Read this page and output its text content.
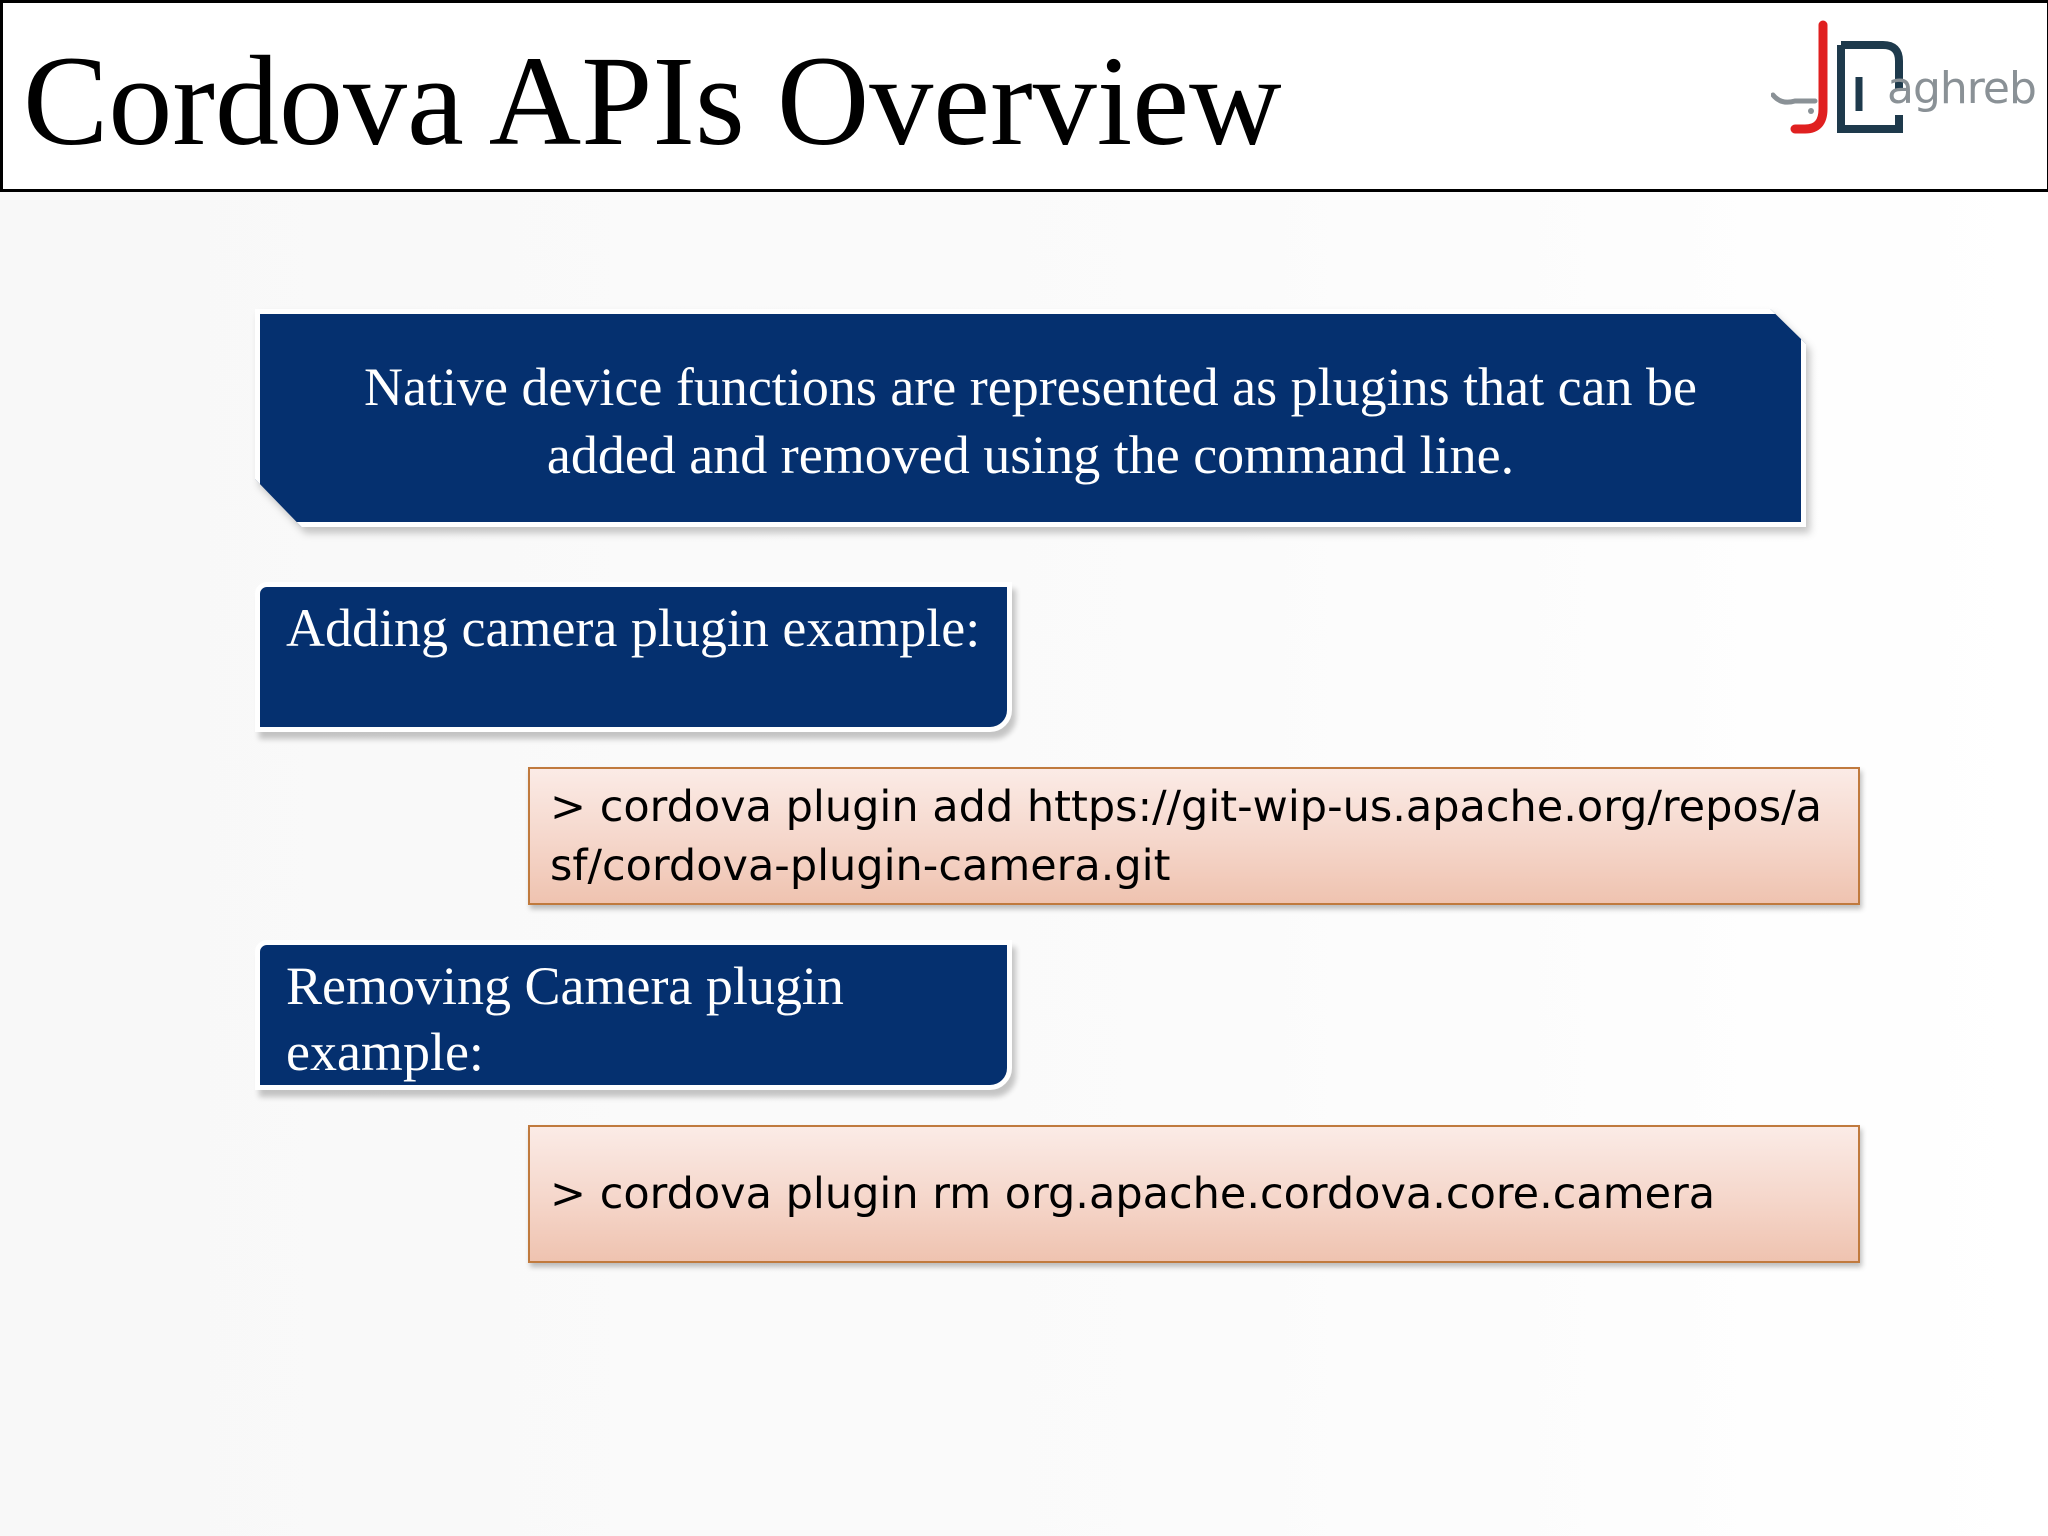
Cordova APIs Overview	aghreb

Native device functions are represented as plugins that can be added and removed using the command line.

Adding camera plugin example:

> cordova plugin add https://git-wip-us.apache.org/repos/asf/cordova-plugin-camera.git

Removing Camera plugin example:

> cordova plugin rm org.apache.cordova.core.camera
